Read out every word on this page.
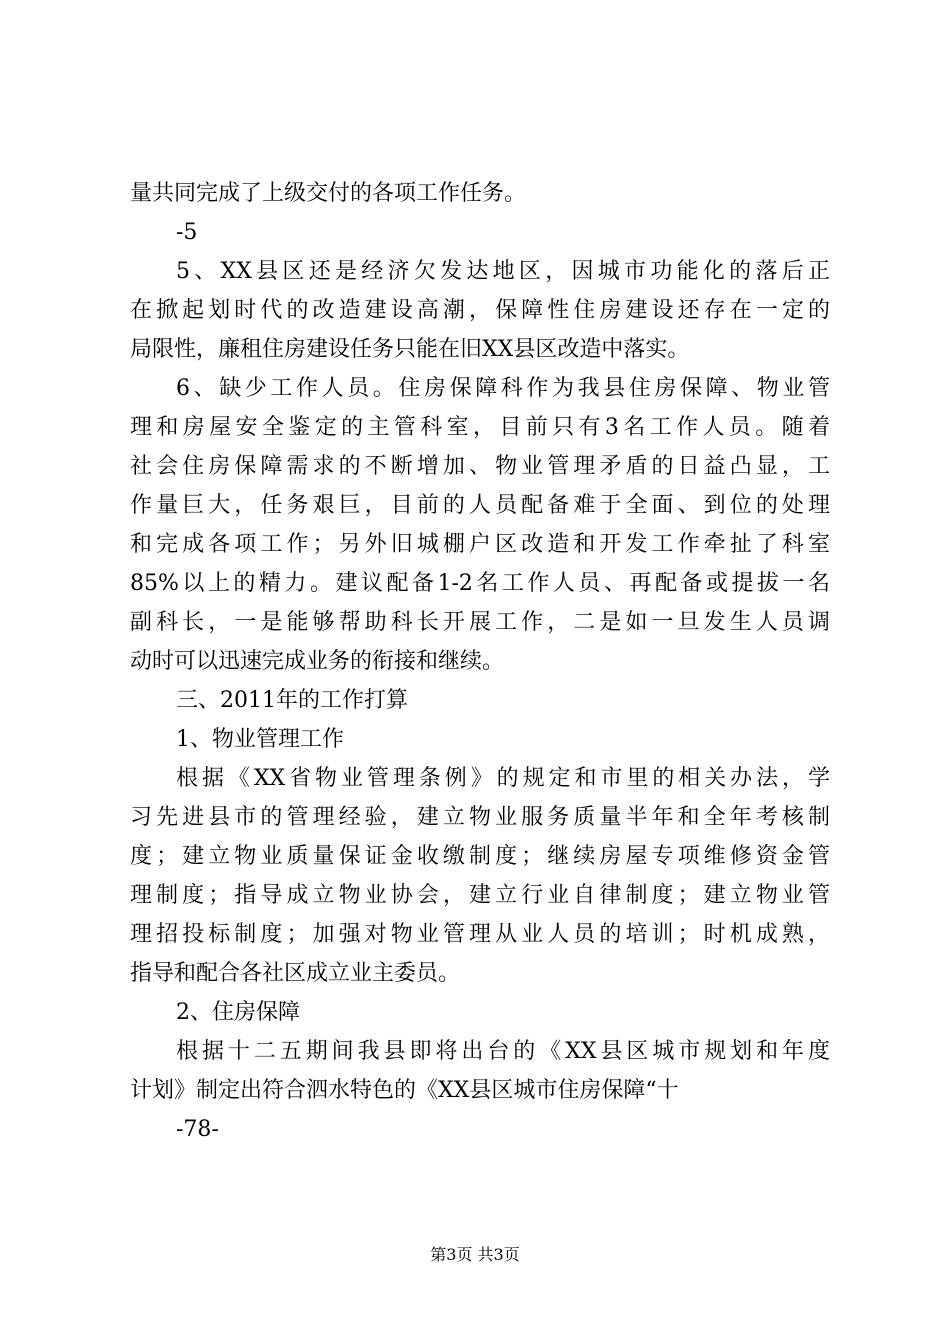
量共同完成了上级交付的各项工作任务。
-5
5、XX县区还是经济欠发达地区，因城市功能化的落后正
在掀起划时代的改造建设高潮，保障性住房建设还存在一定的
局限性，廉租住房建设任务只能在旧XX县区改造中落实。
6、缺少工作人员。住房保障科作为我县住房保障、物业管
理和房屋安全鉴定的主管科室，目前只有3名工作人员。随着
社会住房保障需求的不断增加、物业管理矛盾的日益凸显，工
作量巨大，任务艰巨，目前的人员配备难于全面、到位的处理
和完成各项工作；另外旧城棚户区改造和开发工作牵扯了科室
85%以上的精力。建议配备1-2名工作人员、再配备或提拔一名
副科长，一是能够帮助科长开展工作，二是如一旦发生人员调
动时可以迅速完成业务的衔接和继续。
三、2011年的工作打算
1、物业管理工作
根据《XX省物业管理条例》的规定和市里的相关办法，学
习先进县市的管理经验，建立物业服务质量半年和全年考核制
度；建立物业质量保证金收缴制度；继续房屋专项维修资金管
理制度；指导成立物业协会，建立行业自律制度；建立物业管
理招投标制度；加强对物业管理从业人员的培训；时机成熟，
指导和配合各社区成立业主委员。
2、住房保障
根据十二五期间我县即将出台的《XX县区城市规划和年度
计划》制定出符合泗水特色的《XX县区城市住房保障“十
-78-
第3页 共3页
